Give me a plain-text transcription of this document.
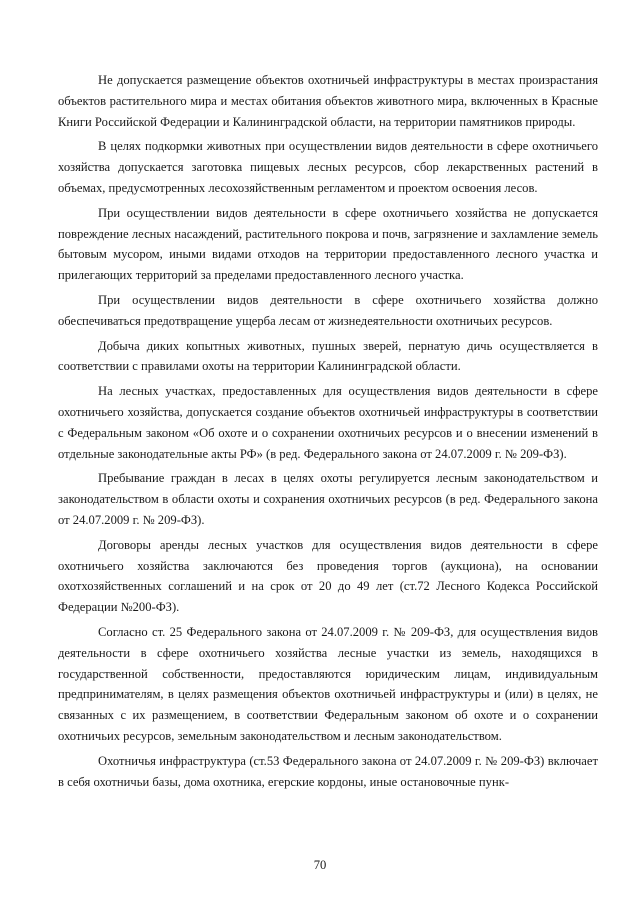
Не допускается размещение объектов охотничьей инфраструктуры в местах произрастания объектов растительного мира и местах обитания объектов животного мира, включенных в Красные Книги Российской Федерации и Калининградской области, на территории памятников природы.

В целях подкормки животных при осуществлении видов деятельности в сфере охотничьего хозяйства допускается заготовка пищевых лесных ресурсов, сбор лекарственных растений в объемах, предусмотренных лесохозяйственным регламентом и проектом освоения лесов.

При осуществлении видов деятельности в сфере охотничьего хозяйства не допускается повреждение лесных насаждений, растительного покрова и почв, загрязнение и захламление земель бытовым мусором, иными видами отходов на территории предоставленного лесного участка и прилегающих территорий за пределами предоставленного лесного участка.

При осуществлении видов деятельности в сфере охотничьего хозяйства должно обеспечиваться предотвращение ущерба лесам от жизнедеятельности охотничьих ресурсов.

Добыча диких копытных животных, пушных зверей, пернатую дичь осуществляется в соответствии с правилами охоты на территории Калининградской области.

На лесных участках, предоставленных для осуществления видов деятельности в сфере охотничьего хозяйства, допускается создание объектов охотничьей инфраструктуры в соответствии с Федеральным законом «Об охоте и о сохранении охотничьих ресурсов и о внесении изменений в отдельные законодательные акты РФ» (в ред. Федерального закона от 24.07.2009 г. № 209-ФЗ).

Пребывание граждан в лесах в целях охоты регулируется лесным законодательством и законодательством в области охоты и сохранения охотничьих ресурсов (в ред. Федерального закона от 24.07.2009 г. № 209-ФЗ).

Договоры аренды лесных участков для осуществления видов деятельности в сфере охотничьего хозяйства заключаются без проведения торгов (аукциона), на основании охотхозяйственных соглашений и на срок от 20 до 49 лет (ст.72 Лесного Кодекса Российской Федерации №200-ФЗ).

Согласно ст. 25 Федерального закона от 24.07.2009 г. № 209-ФЗ, для осуществления видов деятельности в сфере охотничьего хозяйства лесные участки из земель, находящихся в государственной собственности, предоставляются юридическим лицам, индивидуальным предпринимателям, в целях размещения объектов охотничьей инфраструктуры и (или) в целях, не связанных с их размещением, в соответствии Федеральным законом об охоте и о сохранении охотничьих ресурсов, земельным законодательством и лесным законодательством.

Охотничья инфраструктура (ст.53 Федерального закона от 24.07.2009 г. № 209-ФЗ) включает в себя охотничьи базы, дома охотника, егерские кордоны, иные остановочные пунк-

70
